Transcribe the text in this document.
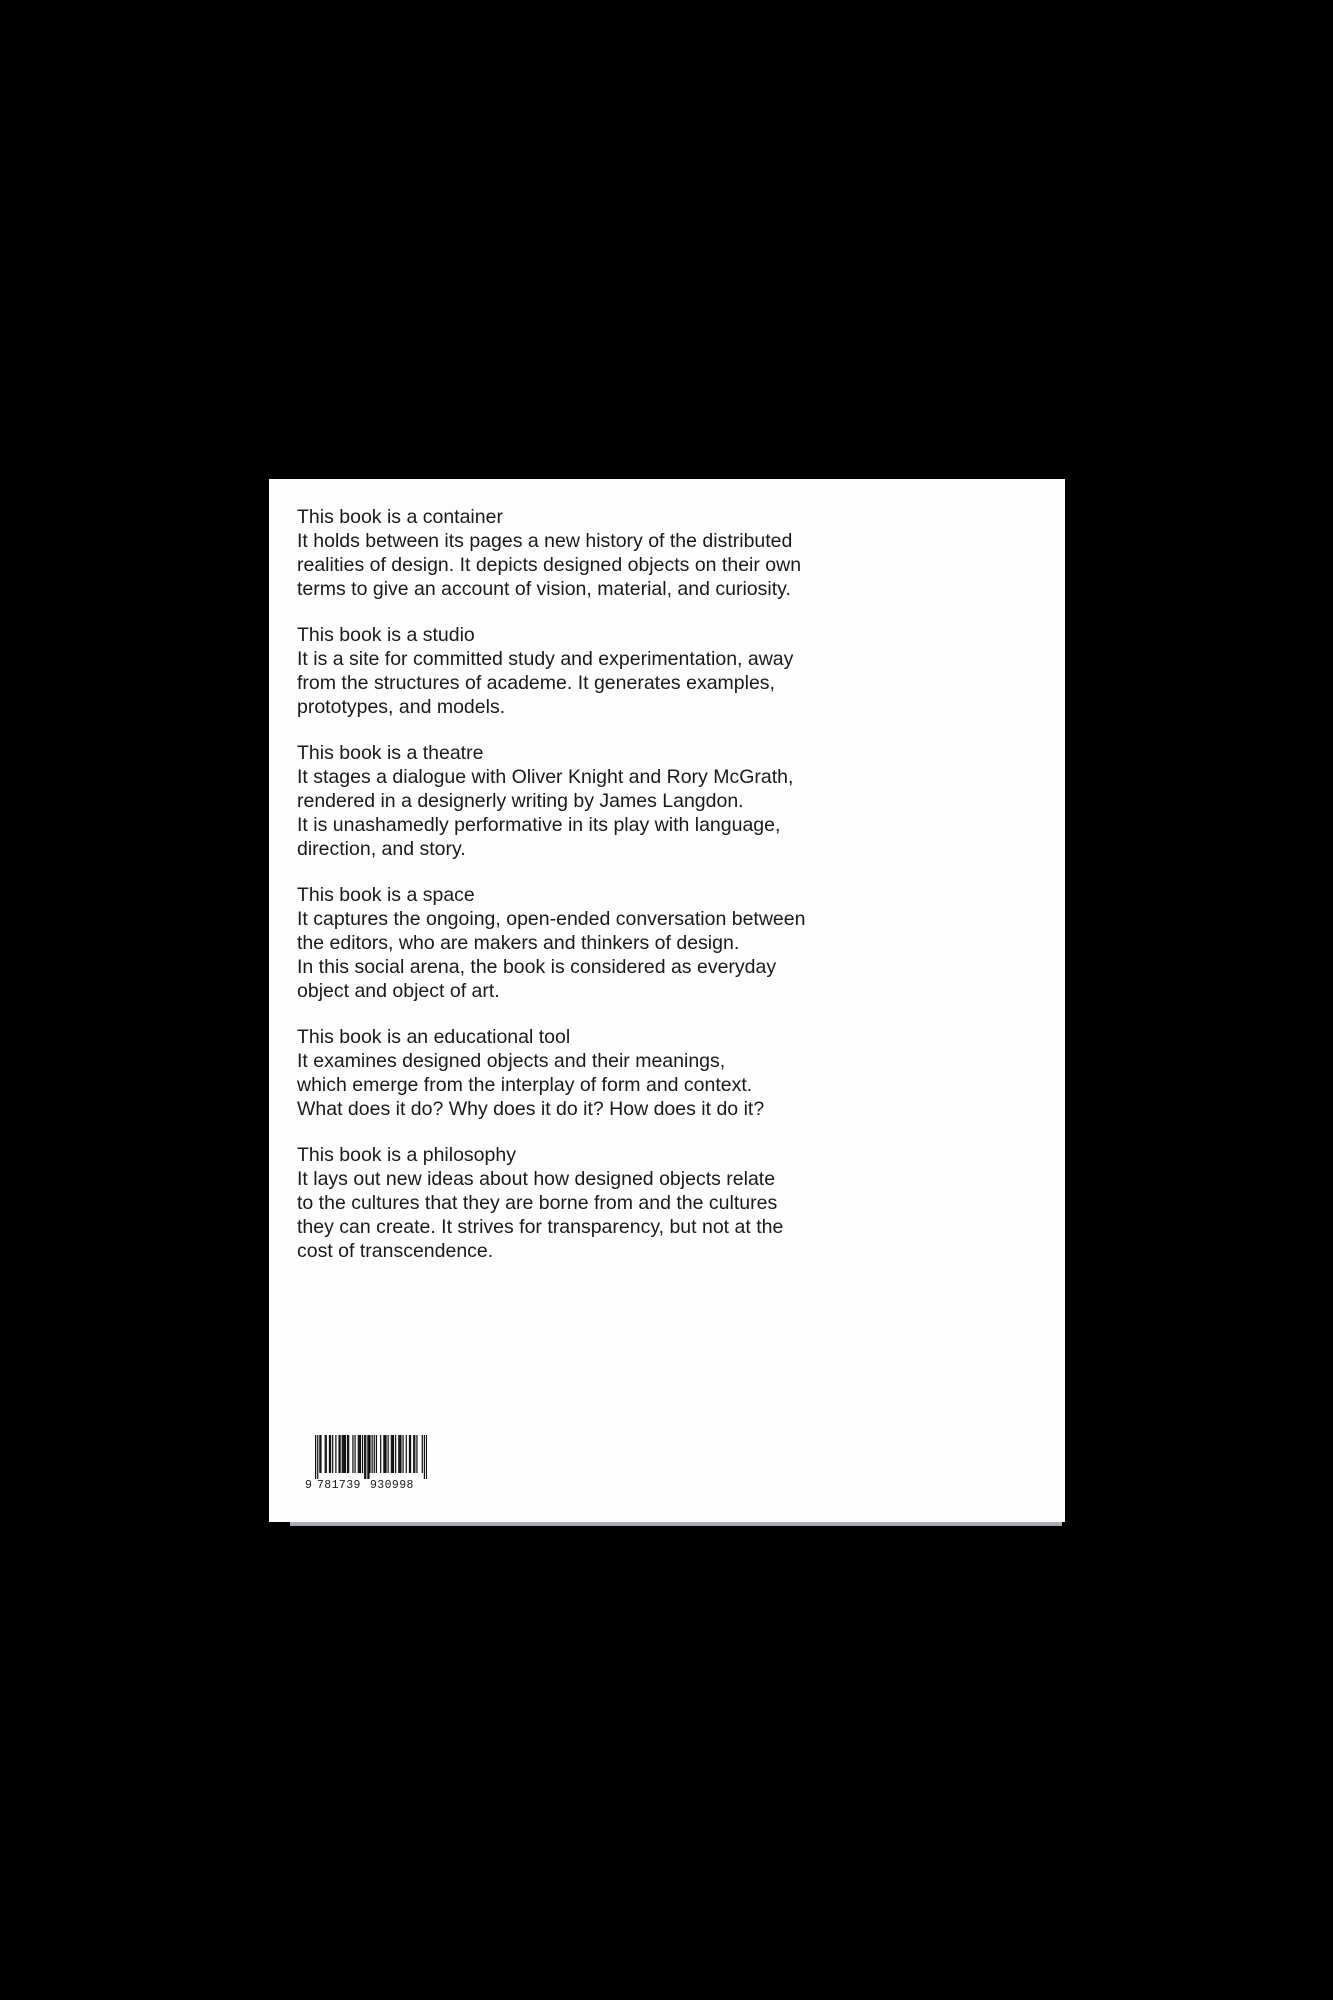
This book is a container

It holds between its pages a new history of the distributed
realities of design. It depicts designed objects on their own
terms to give an account of vision, material, and curiosity.

This book is a studio

It is a site for committed study and experimentation, away
from the structures of academe. It generates examples,
prototypes, and models.

This book is a theatre

It stages a dialogue with Oliver Knight and Rory McGrath,
rendered in a designerly writing by James Langdon.
It is unashamedly performative in its play with language,
direction, and story.

This book is a space

It captures the ongoing, open-ended conversation between
the editors, who are makers and thinkers of design.
In this social arena, the book is considered as everyday
object and object of art.

This book is an educational tool

It examines designed objects and their meanings,
which emerge from the interplay of form and context.
What does it do? Why does it do it? How does it do it?

This book is a philosophy

It lays out new ideas about how designed objects relate
to the cultures that they are borne from and the cultures
they can create. It strives for transparency, but not at the
cost of transcendence.

9 781739 930998
